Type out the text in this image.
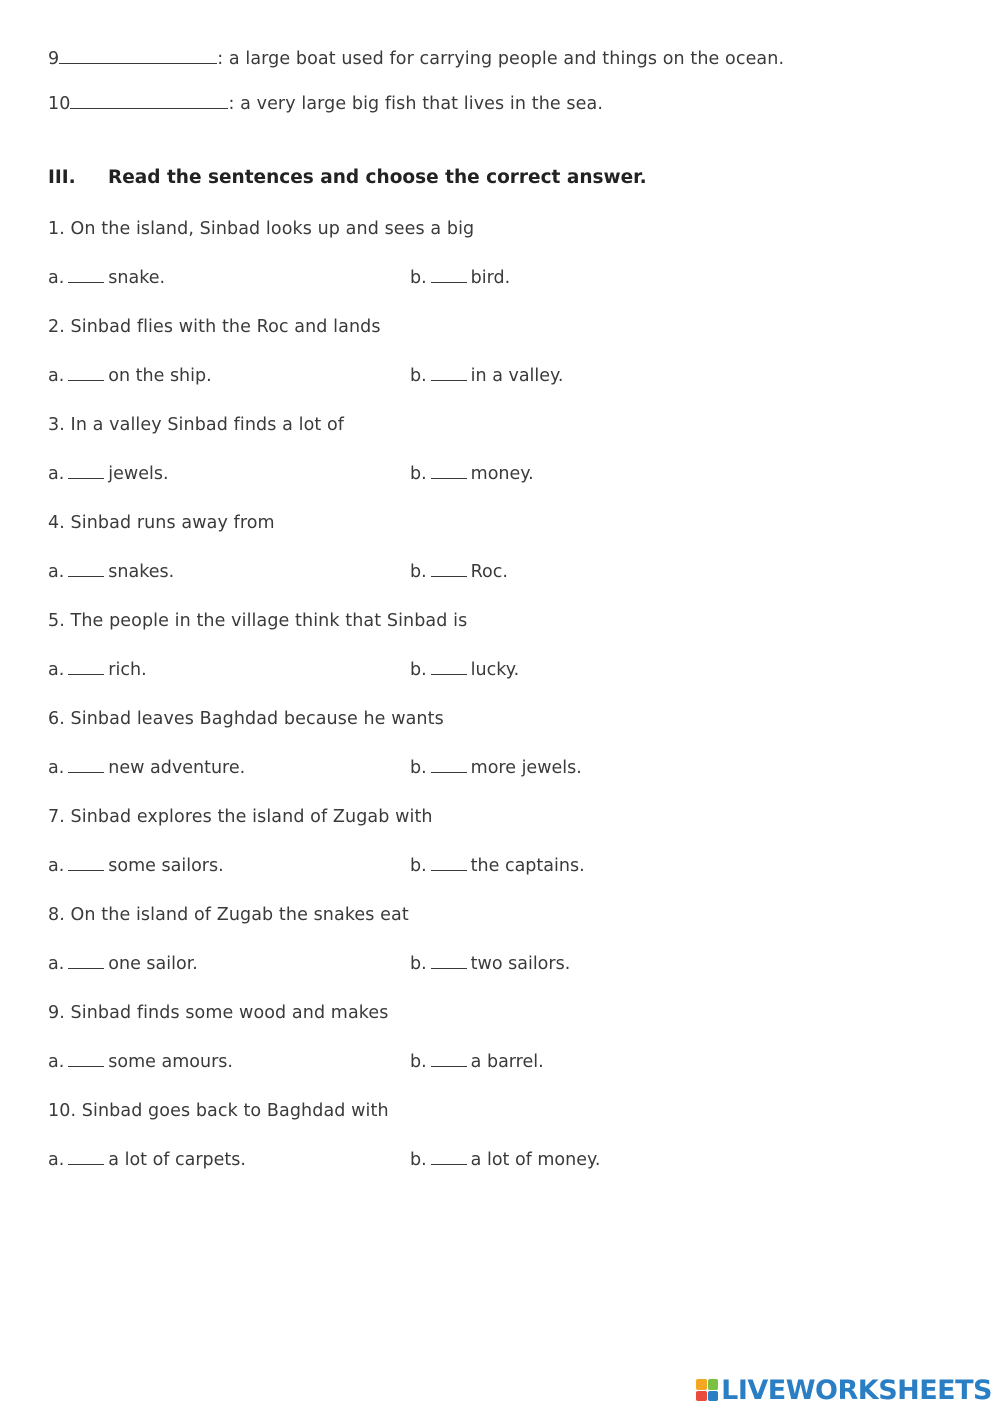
9	: a large boat used for carrying people and things on the ocean.
10	: a very large big fish that lives in the sea.
III. Read the sentences and choose the correct answer.
1. On the island, Sinbad looks up and sees a big
a.	snake.	b.	bird.
2. Sinbad flies with the Roc and lands
a.	on the ship.	b.	in a valley.
3. In a valley Sinbad finds a lot of
a.	jewels.	b.	money.
4. Sinbad runs away from
a.	snakes.	b.	Roc.
5. The people in the village think that Sinbad is
a.	rich.	b.	lucky.
6. Sinbad leaves Baghdad because he wants
a.	new adventure.	b.	more jewels.
7. Sinbad explores the island of Zugab with
a.	some sailors.	b.	the captains.
8. On the island of Zugab the snakes eat
a.	one sailor.	b.	two sailors.
9. Sinbad finds some wood and makes
a.	some amours.	b.	a barrel.
10. Sinbad goes back to Baghdad with
a.	a lot of carpets.	b.	a lot of money.
LIVEWORKSHEETS
